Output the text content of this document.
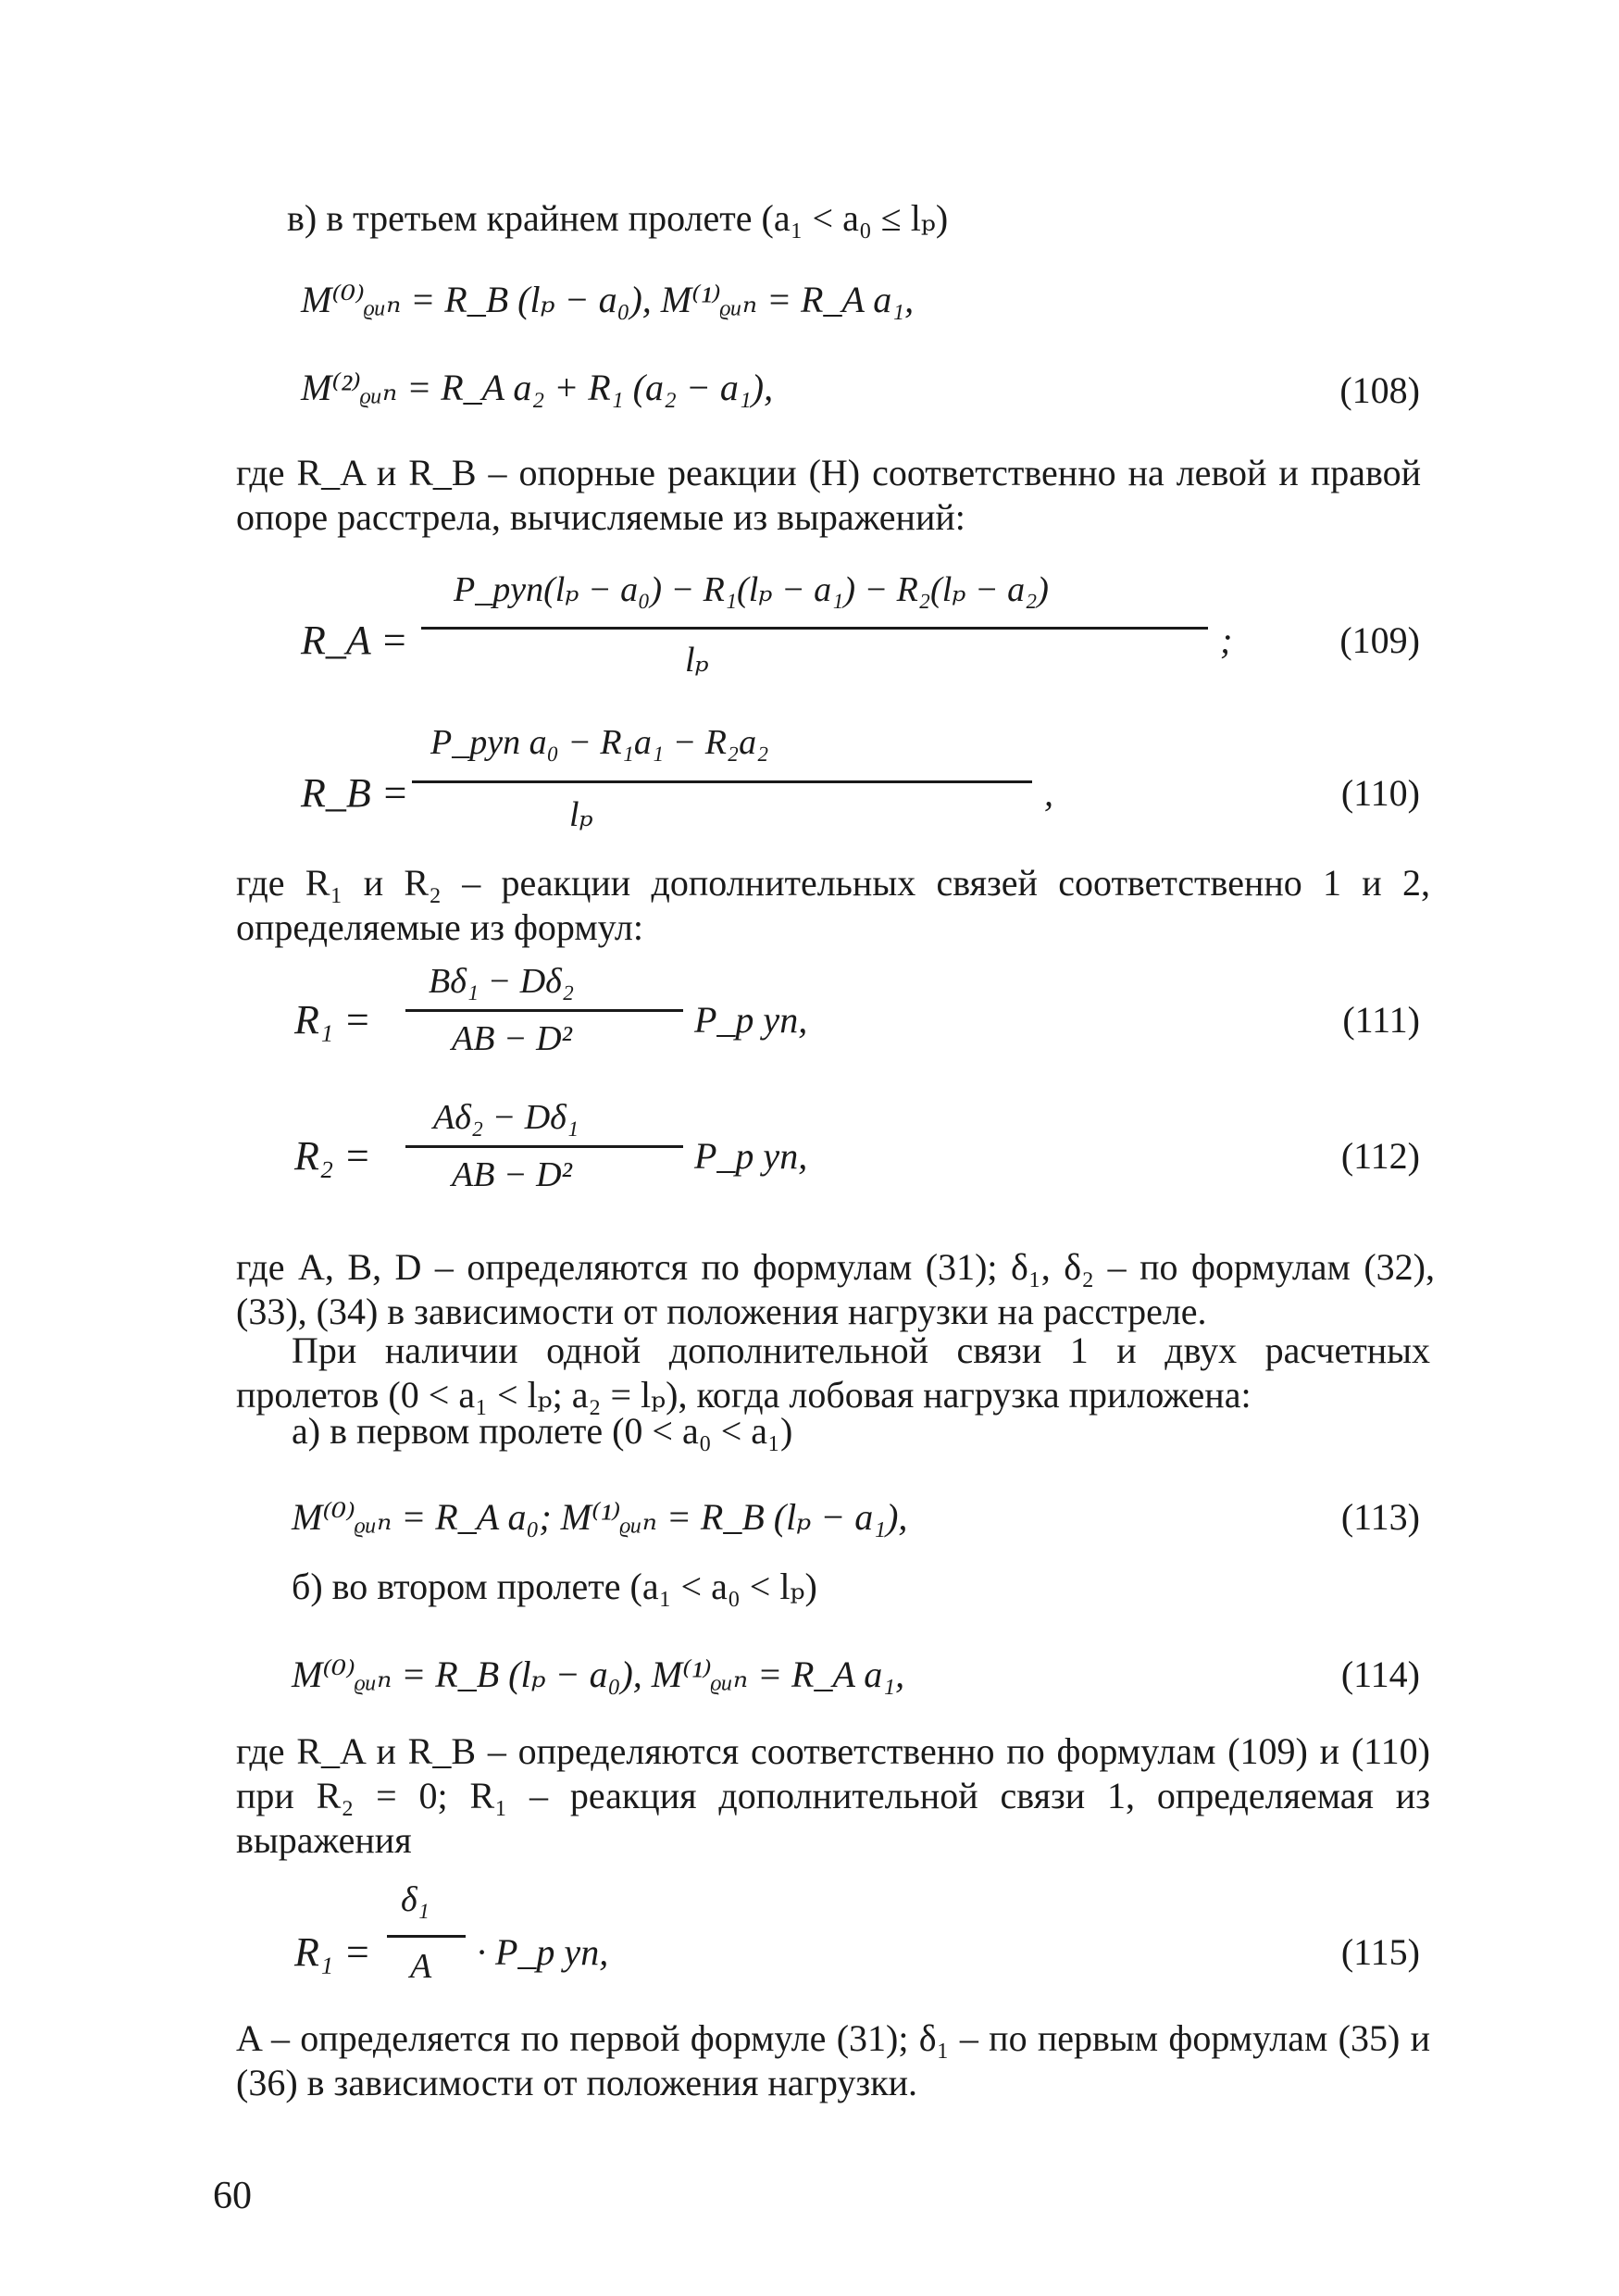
в) в третьем крайнем пролете (a₁ < a₀ ≤ lₚ)

M⁽⁰⁾ᵨᵤₙ = R_B (lₚ − a₀), M⁽¹⁾ᵨᵤₙ = R_A a₁,
M⁽²⁾ᵨᵤₙ = R_A a₂ + R₁ (a₂ − a₁),	(108)

где R_A и R_B – опорные реакции (Н) соответственно на левой и правой опоре расстрела, вычисляемые из выражений:

R_A =
P_pуп(lₚ − a₀) − R₁(lₚ − a₁) − R₂(lₚ − a₂)
lₚ	;	(109)
R_B =
P_pуп a₀ − R₁a₁ − R₂a₂
lₚ
,	(110)

где R₁ и R₂ – реакции дополнительных связей соответственно 1 и 2, определяемые из формул:

R₁ =
Bδ₁ − Dδ₂
AB − D²	P_p уп,	(111)
R₂ =
Aδ₂ − Dδ₁
AB − D²	P_p уп,	(112)

где A, B, D – определяются по формулам (31); δ₁, δ₂ – по формулам (32), (33), (34) в зависимости от положения нагрузки на расстреле.

При наличии одной дополнительной связи 1 и двух расчетных пролетов (0 < a₁ < lₚ; a₂ = lₚ), когда лобовая нагрузка приложена:

а) в первом пролете (0 < a₀ < a₁)

M⁽⁰⁾ᵨᵤₙ = R_A a₀; M⁽¹⁾ᵨᵤₙ = R_B (lₚ − a₁),	(113)

б) во втором пролете (a₁ < a₀ < lₚ)

M⁽⁰⁾ᵨᵤₙ = R_B (lₚ − a₀), M⁽¹⁾ᵨᵤₙ = R_A a₁,	(114)

где R_A и R_B – определяются соответственно по формулам (109) и (110) при R₂ = 0; R₁ – реакция дополнительной связи 1, определяемая из выражения

R₁ =
δ₁
A · P_p уп,	(115)

A – определяется по первой формуле (31); δ₁ – по первым формулам (35) и (36) в зависимости от положения нагрузки.

60
